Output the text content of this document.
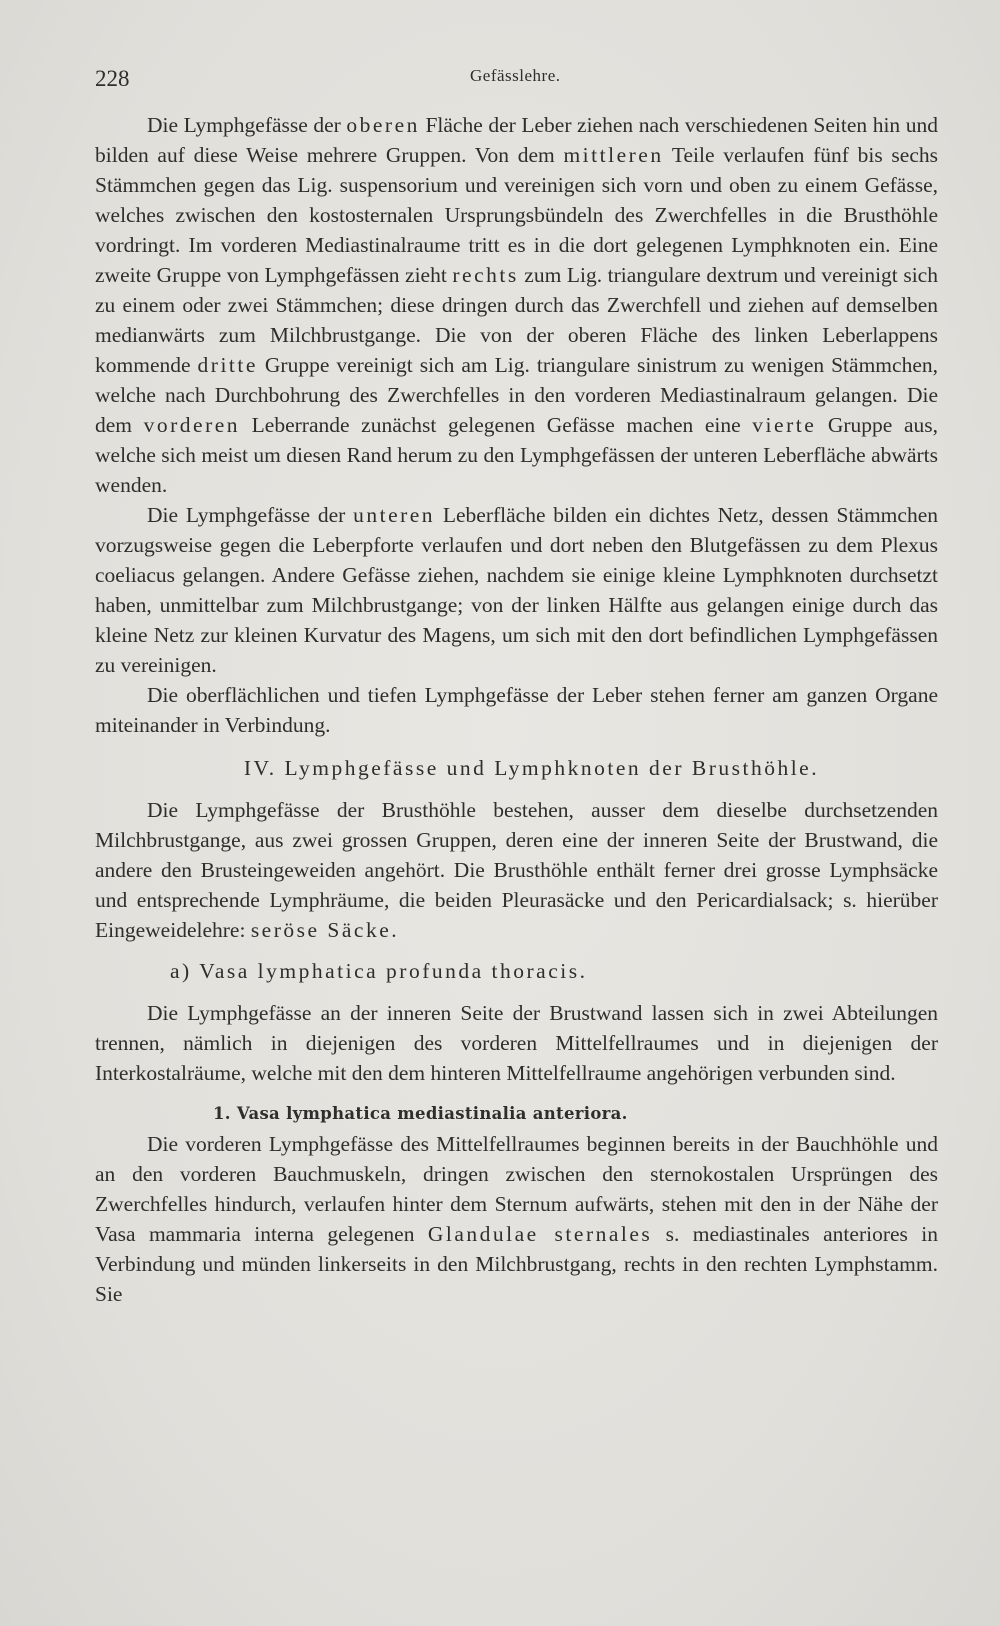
228	Gefässlehre.

Die Lymphgefässe der oberen Fläche der Leber ziehen nach verschiedenen Seiten hin und bilden auf diese Weise mehrere Gruppen. Von dem mittleren Teile verlaufen fünf bis sechs Stämmchen gegen das Lig. suspensorium und vereinigen sich vorn und oben zu einem Gefässe, welches zwischen den kostosternalen Ursprungsbündeln des Zwerchfelles in die Brusthöhle vordringt. Im vorderen Mediastinalraume tritt es in die dort gelegenen Lymphknoten ein. Eine zweite Gruppe von Lymphgefässen zieht rechts zum Lig. triangulare dextrum und vereinigt sich zu einem oder zwei Stämmchen; diese dringen durch das Zwerchfell und ziehen auf demselben medianwärts zum Milchbrustgange. Die von der oberen Fläche des linken Leberlappens kommende dritte Gruppe vereinigt sich am Lig. triangulare sinistrum zu wenigen Stämmchen, welche nach Durchbohrung des Zwerchfelles in den vorderen Mediastinalraum gelangen. Die dem vorderen Leberrande zunächst gelegenen Gefässe machen eine vierte Gruppe aus, welche sich meist um diesen Rand herum zu den Lymphgefässen der unteren Leberfläche abwärts wenden.

Die Lymphgefässe der unteren Leberfläche bilden ein dichtes Netz, dessen Stämmchen vorzugsweise gegen die Leberpforte verlaufen und dort neben den Blutgefässen zu dem Plexus coeliacus gelangen. Andere Gefässe ziehen, nachdem sie einige kleine Lymphknoten durchsetzt haben, unmittelbar zum Milchbrustgange; von der linken Hälfte aus gelangen einige durch das kleine Netz zur kleinen Kurvatur des Magens, um sich mit den dort befindlichen Lymphgefässen zu vereinigen.

Die oberflächlichen und tiefen Lymphgefässe der Leber stehen ferner am ganzen Organe miteinander in Verbindung.

IV. Lymphgefässe und Lymphknoten der Brusthöhle.

Die Lymphgefässe der Brusthöhle bestehen, ausser dem dieselbe durchsetzenden Milchbrustgange, aus zwei grossen Gruppen, deren eine der inneren Seite der Brustwand, die andere den Brusteingeweiden angehört. Die Brusthöhle enthält ferner drei grosse Lymphsäcke und entsprechende Lymphräume, die beiden Pleurasäcke und den Pericardialsack; s. hierüber Eingeweidelehre: seröse Säcke.

a) Vasa lymphatica profunda thoracis.

Die Lymphgefässe an der inneren Seite der Brustwand lassen sich in zwei Abteilungen trennen, nämlich in diejenigen des vorderen Mittelfellraumes und in diejenigen der Interkostalräume, welche mit den dem hinteren Mittelfellraume angehörigen verbunden sind.

1. Vasa lymphatica mediastinalia anteriora.

Die vorderen Lymphgefässe des Mittelfellraumes beginnen bereits in der Bauchhöhle und an den vorderen Bauchmuskeln, dringen zwischen den sternokostalen Ursprüngen des Zwerchfelles hindurch, verlaufen hinter dem Sternum aufwärts, stehen mit den in der Nähe der Vasa mammaria interna gelegenen Glandulae sternales s. mediastinales anteriores in Verbindung und münden linkerseits in den Milchbrustgang, rechts in den rechten Lymphstamm. Sie
